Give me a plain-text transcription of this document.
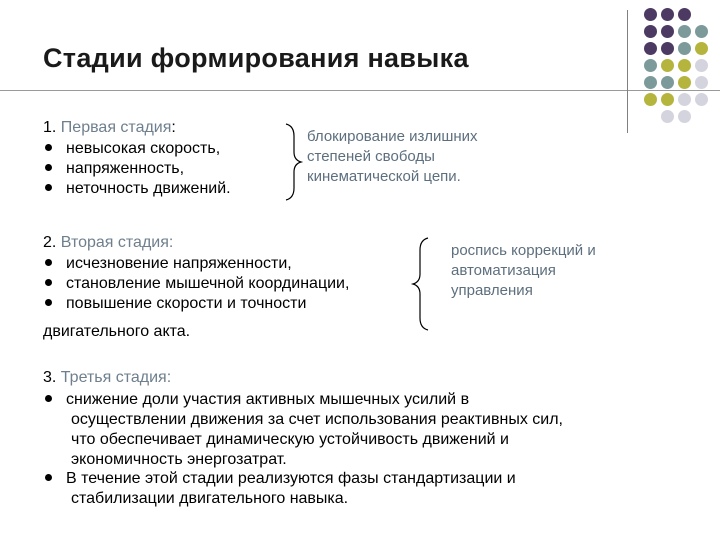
Стадии формирования навыка
1. Первая стадия:
невысокая скорость,
напряженность,
неточность движений.
блокирование излишних
степеней свободы
кинематической цепи.
2. Вторая стадия:
исчезновение напряженности,
становление мышечной координации,
повышение скорости и точности
двигательного акта.
роспись коррекций и
автоматизация
управления
3. Третья стадия:
снижение доли участия активных мышечных усилий в
осуществлении движения за счет использования реактивных сил,
что обеспечивает динамическую устойчивость движений и
экономичность энергозатрат.
В течение этой стадии реализуются фазы стандартизации и
стабилизации двигательного навыка.
